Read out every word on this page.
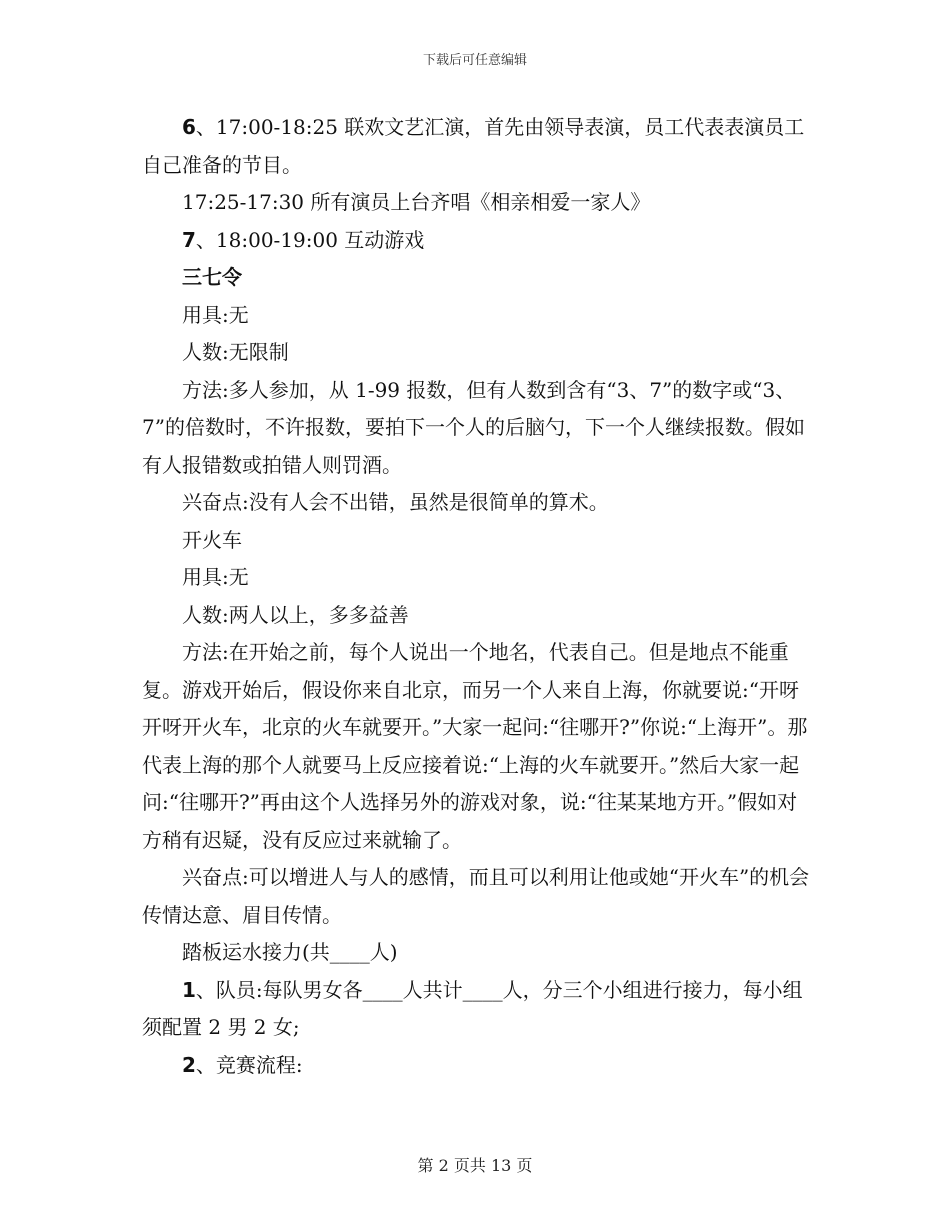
下载后可任意编辑

6、17:00-18:25 联欢文艺汇演，首先由领导表演，员工代表表演员工自己准备的节目。

17:25-17:30 所有演员上台齐唱《相亲相爱一家人》

7、18:00-19:00 互动游戏

三七令

用具:无

人数:无限制

方法:多人参加，从 1-99 报数，但有人数到含有“3、7”的数字或“3、7”的倍数时，不许报数，要拍下一个人的后脑勺，下一个人继续报数。假如有人报错数或拍错人则罚酒。

兴奋点:没有人会不出错，虽然是很简单的算术。

开火车

用具:无

人数:两人以上，多多益善

方法:在开始之前，每个人说出一个地名，代表自己。但是地点不能重复。游戏开始后，假设你来自北京，而另一个人来自上海，你就要说:“开呀开呀开火车，北京的火车就要开。”大家一起问:“往哪开?”你说:“上海开”。那代表上海的那个人就要马上反应接着说:“上海的火车就要开。”然后大家一起问:“往哪开?”再由这个人选择另外的游戏对象，说:“往某某地方开。”假如对方稍有迟疑，没有反应过来就输了。

兴奋点:可以增进人与人的感情，而且可以利用让他或她“开火车”的机会传情达意、眉目传情。

踏板运水接力(共____人)

1、队员:每队男女各____人共计____人，分三个小组进行接力，每小组须配置 2 男 2 女;

2、竞赛流程:

第 2 页共 13 页
